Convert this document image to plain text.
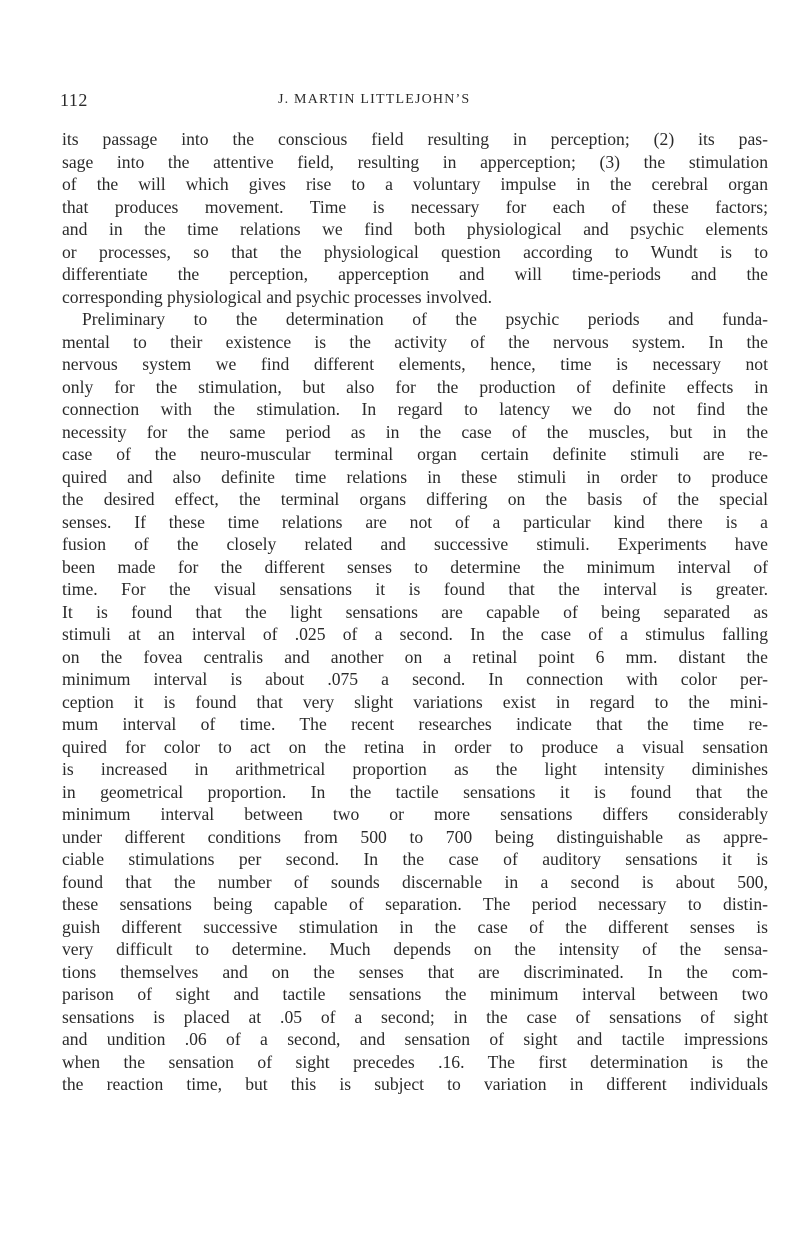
112	J. MARTIN LITTLEJOHN’S
its passage into the conscious field resulting in perception; (2) its pas-
sage into the attentive field, resulting in apperception; (3) the stimulation
of the will which gives rise to a voluntary impulse in the cerebral organ
that produces movement. Time is necessary for each of these factors;
and in the time relations we find both physiological and psychic elements
or processes, so that the physiological question according to Wundt is to
differentiate the perception, apperception and will time-periods and the
corresponding physiological and psychic processes involved.
Preliminary to the determination of the psychic periods and funda-
mental to their existence is the activity of the nervous system. In the
nervous system we find different elements, hence, time is necessary not
only for the stimulation, but also for the production of definite effects in
connection with the stimulation. In regard to latency we do not find the
necessity for the same period as in the case of the muscles, but in the
case of the neuro-muscular terminal organ certain definite stimuli are re-
quired and also definite time relations in these stimuli in order to produce
the desired effect, the terminal organs differing on the basis of the special
senses. If these time relations are not of a particular kind there is a
fusion of the closely related and successive stimuli. Experiments have
been made for the different senses to determine the minimum interval of
time. For the visual sensations it is found that the interval is greater.
It is found that the light sensations are capable of being separated as
stimuli at an interval of .025 of a second. In the case of a stimulus falling
on the fovea centralis and another on a retinal point 6 mm. distant the
minimum interval is about .075 a second. In connection with color per-
ception it is found that very slight variations exist in regard to the mini-
mum interval of time. The recent researches indicate that the time re-
quired for color to act on the retina in order to produce a visual sensation
is increased in arithmetrical proportion as the light intensity diminishes
in geometrical proportion. In the tactile sensations it is found that the
minimum interval between two or more sensations differs considerably
under different conditions from 500 to 700 being distinguishable as appre-
ciable stimulations per second. In the case of auditory sensations it is
found that the number of sounds discernable in a second is about 500,
these sensations being capable of separation. The period necessary to distin-
guish different successive stimulation in the case of the different senses is
very difficult to determine. Much depends on the intensity of the sensa-
tions themselves and on the senses that are discriminated. In the com-
parison of sight and tactile sensations the minimum interval between two
sensations is placed at .05 of a second; in the case of sensations of sight
and undition .06 of a second, and sensation of sight and tactile impressions
when the sensation of sight precedes .16. The first determination is the
the reaction time, but this is subject to variation in different individuals
